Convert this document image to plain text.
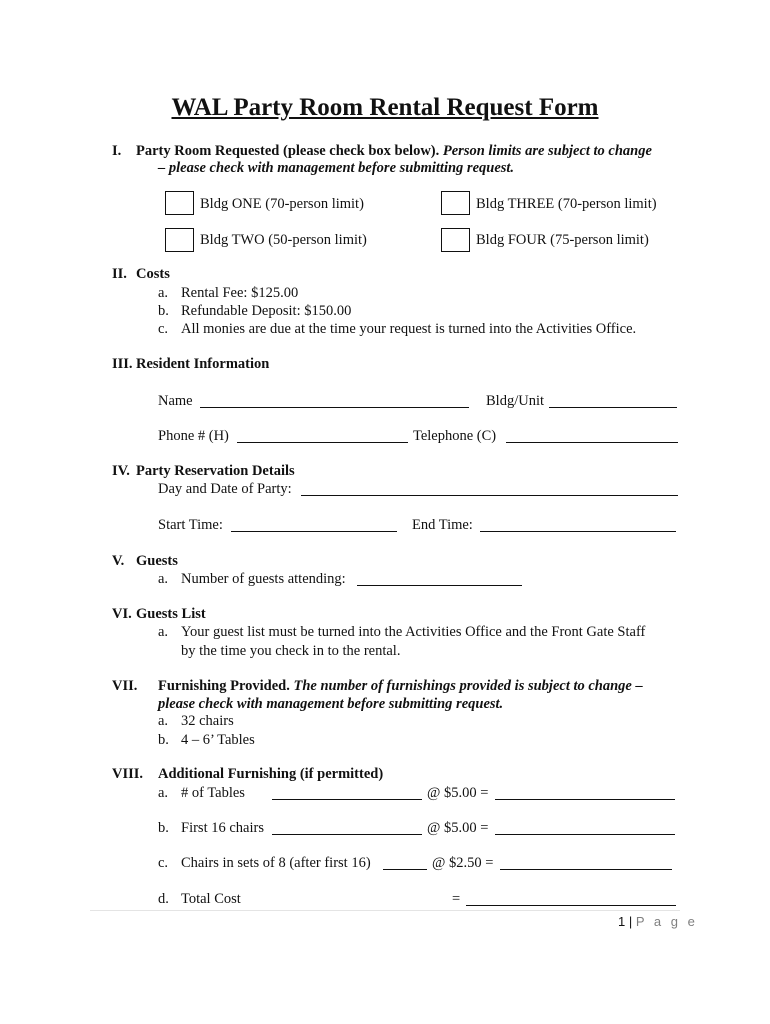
WAL Party Room Rental Request Form
I. Party Room Requested (please check box below). Person limits are subject to change
– please check with management before submitting request.
Bldg ONE (70-person limit)	Bldg THREE (70-person limit)
Bldg TWO (50-person limit)	Bldg FOUR (75-person limit)
II. Costs
a. Rental Fee: $125.00
b. Refundable Deposit: $150.00
c. All monies are due at the time your request is turned into the Activities Office.
III. Resident Information
Name	Bldg/Unit
Phone # (H)	Telephone (C)
IV. Party Reservation Details
Day and Date of Party:
Start Time:	End Time:
V. Guests
a. Number of guests attending:
VI. Guests List
a. Your guest list must be turned into the Activities Office and the Front Gate Staff
by the time you check in to the rental.
VII. Furnishing Provided. The number of furnishings provided is subject to change –
please check with management before submitting request.
a. 32 chairs
b. 4 – 6’ Tables
VIII. Additional Furnishing (if permitted)
a. # of Tables	@ $5.00 =
b. First 16 chairs	@ $5.00 =
c. Chairs in sets of 8 (after first 16)	@ $2.50 =
d. Total Cost	=
1 | P a g e
